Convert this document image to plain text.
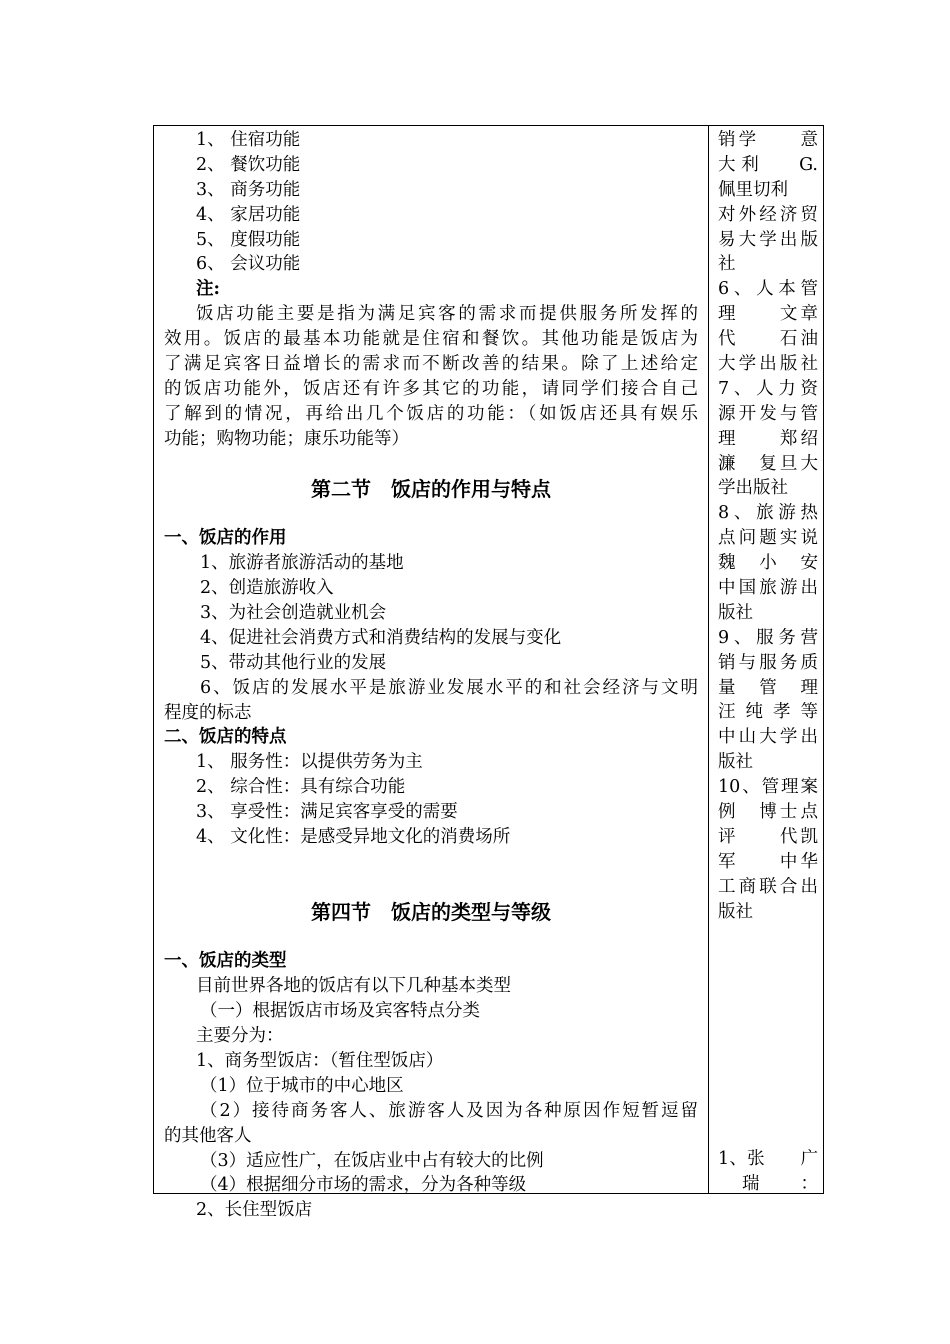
1、 住宿功能
2、 餐饮功能
3、 商务功能
4、 家居功能
5、 度假功能
6、 会议功能
注:
饭店功能主要是指为满足宾客的需求而提供服务所发挥的
效用。饭店的最基本功能就是住宿和餐饮。其他功能是饭店为
了满足宾客日益增长的需求而不断改善的结果。除了上述给定
的饭店功能外，饭店还有许多其它的功能，请同学们接合自己
了解到的情况，再给出几个饭店的功能：（如饭店还具有娱乐
功能；购物功能；康乐功能等）
第二节　饭店的作用与特点
一、饭店的作用
1、旅游者旅游活动的基地
2、创造旅游收入
3、为社会创造就业机会
4、促进社会消费方式和消费结构的发展与变化
5、带动其他行业的发展
6、饭店的发展水平是旅游业发展水平的和社会经济与文明
程度的标志
二、饭店的特点
1、 服务性：以提供劳务为主
2、 综合性：具有综合功能
3、 享受性：满足宾客享受的需要
4、 文化性：是感受异地文化的消费场所
第四节　饭店的类型与等级
一、饭店的类型
目前世界各地的饭店有以下几种基本类型
（一）根据饭店市场及宾客特点分类
主要分为：
1、商务型饭店：（暂住型饭店）
（1）位于城市的中心地区
（2）接待商务客人、旅游客人及因为各种原因作短暂逗留
的其他客人
（3）适应性广，在饭店业中占有较大的比例
（4）根据细分市场的需求，分为各种等级
2、长住型饭店
销学　　意
大利　 G.
佩里切利
对外经济贸
易大学出版
社
6、人本管
理　　文章
代　　石油
大学出版社
7、人力资
源开发与管
理　　郑绍
濂　复旦大
学出版社
8、旅游热
点问题实说
魏　小　安
中国旅游出
版社
9、服务营
销与服务质
量　管　理
汪纯孝等
中山大学出
版社
10、管理案
例　博士点
评　　代凯
军　　中华
工商联合出
版社
1、张　　广
瑞　　：
